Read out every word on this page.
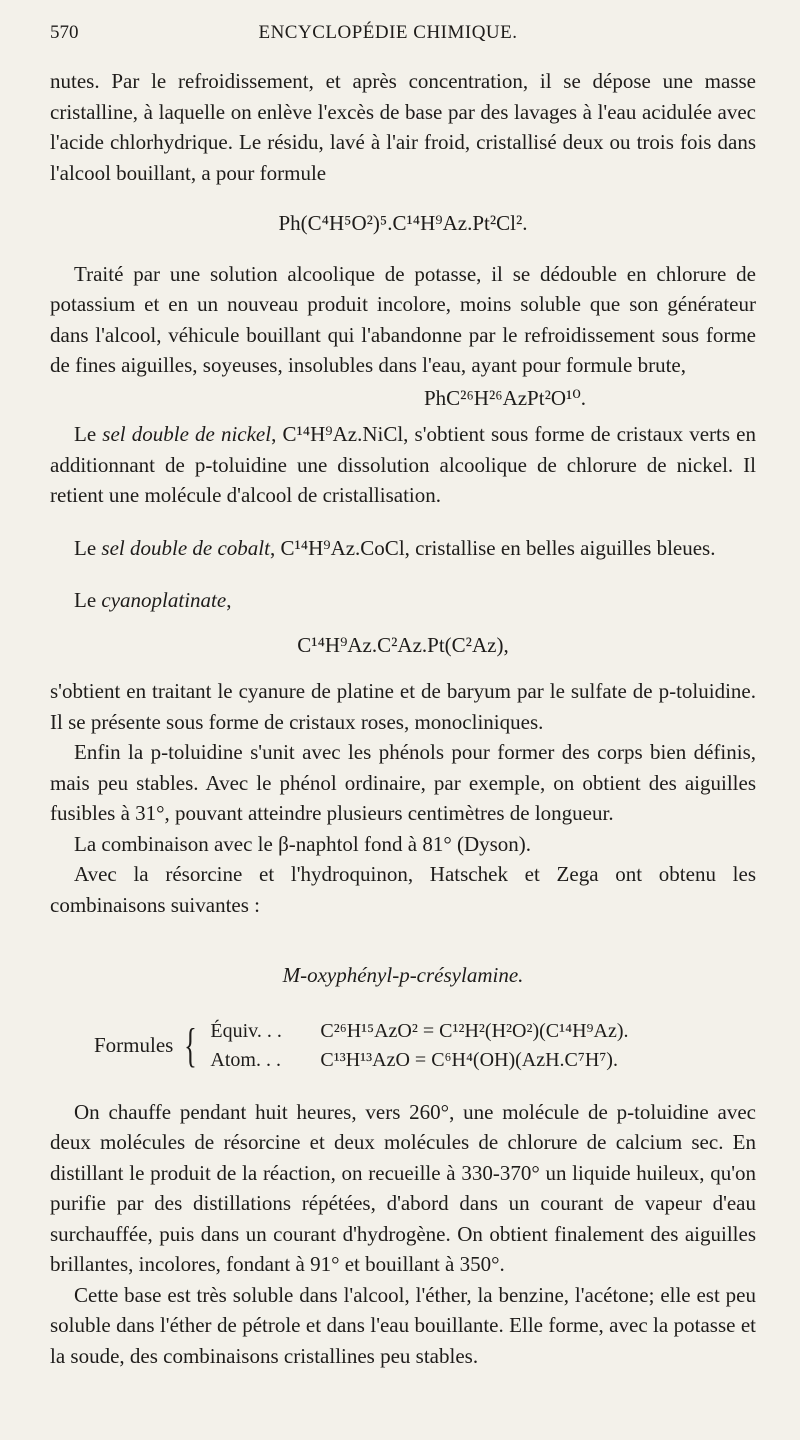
570	ENCYCLOPÉDIE CHIMIQUE.

nutes. Par le refroidissement, et après concentration, il se dépose une masse cristalline, à laquelle on enlève l'excès de base par des lavages à l'eau acidulée avec l'acide chlorhydrique. Le résidu, lavé à l'air froid, cristallisé deux ou trois fois dans l'alcool bouillant, a pour formule

Ph(C⁴H⁵O²)⁵.C¹⁴H⁹Az.Pt²Cl².

Traité par une solution alcoolique de potasse, il se dédouble en chlorure de potassium et en un nouveau produit incolore, moins soluble que son générateur dans l'alcool, véhicule bouillant qui l'abandonne par le refroidissement sous forme de fines aiguilles, soyeuses, insolubles dans l'eau, ayant pour formule brute,

PhC²⁶H²⁶AzPt²O¹⁰.

Le sel double de nickel, C¹⁴H⁹Az.NiCl, s'obtient sous forme de cristaux verts en additionnant de p-toluidine une dissolution alcoolique de chlorure de nickel. Il retient une molécule d'alcool de cristallisation.

Le sel double de cobalt, C¹⁴H⁹Az.CoCl, cristallise en belles aiguilles bleues.

Le cyanoplatinate,

C¹⁴H⁹Az.C²Az.Pt(C²Az),

s'obtient en traitant le cyanure de platine et de baryum par le sulfate de p-toluidine. Il se présente sous forme de cristaux roses, monocliniques.

Enfin la p-toluidine s'unit avec les phénols pour former des corps bien définis, mais peu stables. Avec le phénol ordinaire, par exemple, on obtient des aiguilles fusibles à 31°, pouvant atteindre plusieurs centimètres de longueur.

La combinaison avec le β-naphtol fond à 81° (Dyson).

Avec la résorcine et l'hydroquinon, Hatschek et Zega ont obtenu les combinaisons suivantes :

M-oxyphényl-p-crésylamine.
Formules { Équiv. . . C²⁶H¹⁵AzO² = C¹²H²(H²O²)(C¹⁴H⁹Az).
Atom. . . C¹³H¹³AzO = C⁶H⁴(OH)(AzH.C⁷H⁷).

On chauffe pendant huit heures, vers 260°, une molécule de p-toluidine avec deux molécules de résorcine et deux molécules de chlorure de calcium sec. En distillant le produit de la réaction, on recueille à 330-370° un liquide huileux, qu'on purifie par des distillations répétées, d'abord dans un courant de vapeur d'eau surchauffée, puis dans un courant d'hydrogène. On obtient finalement des aiguilles brillantes, incolores, fondant à 91° et bouillant à 350°.

Cette base est très soluble dans l'alcool, l'éther, la benzine, l'acétone; elle est peu soluble dans l'éther de pétrole et dans l'eau bouillante. Elle forme, avec la potasse et la soude, des combinaisons cristallines peu stables.
